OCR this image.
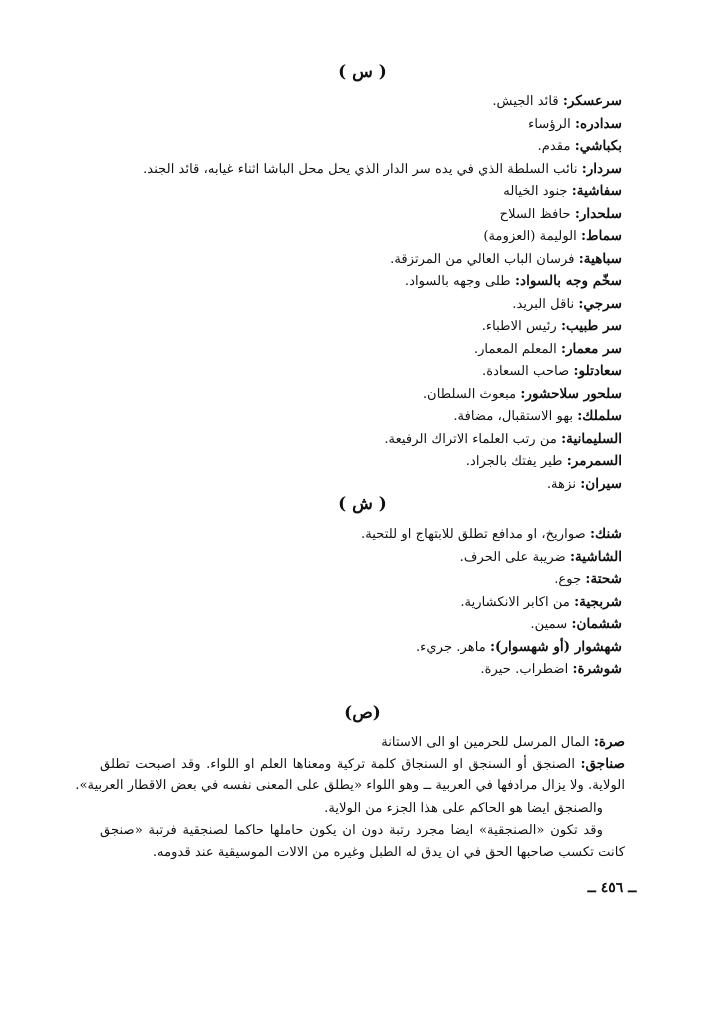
( س )
سرعسكر: قائد الجيش.
سدادره: الرؤساء
بكباشي: مقدم.
سردار: نائب السلطة الذي في يده سر الدار الذي يحل محل الباشا اثناء غيابه، قائد الجند.
سفاشية: جنود الخياله
سلحدار: حافظ السلاح
سماط: الوليمة (العزومة)
سباهية: فرسان الباب العالي من المرتزقة.
سخّم وجه بالسواد: طلى وجهه بالسواد.
سرجي: ناقل البريد.
سر طبيب: رئيس الاطباء.
سر معمار: المعلم المعمار.
سعادتلو: صاحب السعادة.
سلحور سلاحشور: مبعوث السلطان.
سلملك: بهو الاستقبال، مضافة.
السليمانية: من رتب العلماء الاتراك الرفيعة.
السمرمر: طير يفتك بالجراد.
سيران: نزهة.
( ش )
شنك: صواريخ، او مدافع تطلق للابتهاج او للتحية.
الشاشية: ضريبة على الحرف.
شحتة: جوع.
شربجية: من اكابر الانكشارية.
ششمان: سمين.
شهشوار (أو شهسوار): ماهر. جريء.
شوشرة: اضطراب. حيرة.
(ص)
صرة: المال المرسل للحرمين او الى الاستانة
صناجق: الصنجق أو السنجق او السنجاق كلمة تركية ومعناها العلم او اللواء. وقد اصبحت تطلق
الولاية. ولا يزال مرادفها في العربية ــ وهو اللواء «يطلق على المعنى نفسه في بعض الاقطار العربية».
والصنجق ايضا هو الحاكم على هذا الجزء من الولاية.
وقد تكون «الصنجقية» ايضا مجرد رتبة دون ان يكون حاملها حاكما لصنجقية فرتبة «صنجق
كانت تكسب صاحبها الحق في ان يدق له الطبل وغيره من الالات الموسيقية عند قدومه.
ــ ٤٥٦ ــ
